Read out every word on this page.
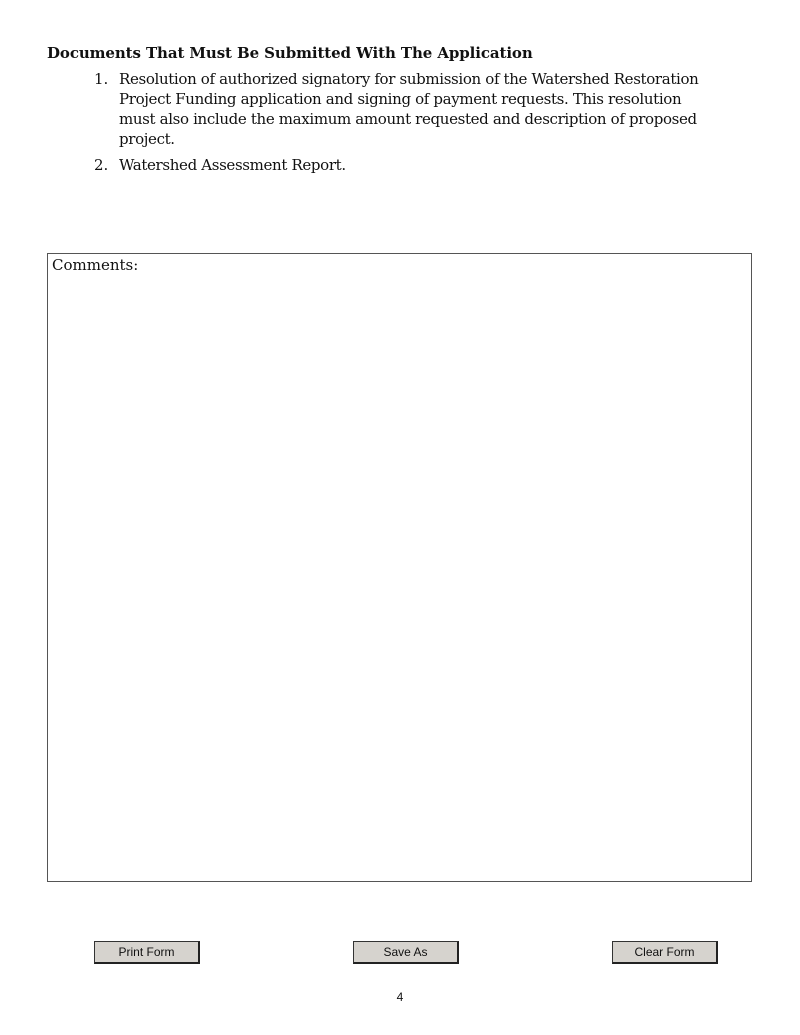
Documents That Must Be Submitted With The Application
1. Resolution of authorized signatory for submission of the Watershed Restoration
Project Funding application and signing of payment requests. This resolution
must also include the maximum amount requested and description of proposed
project.
2. Watershed Assessment Report.
Comments:
Print Form	Save As	Clear Form
4
